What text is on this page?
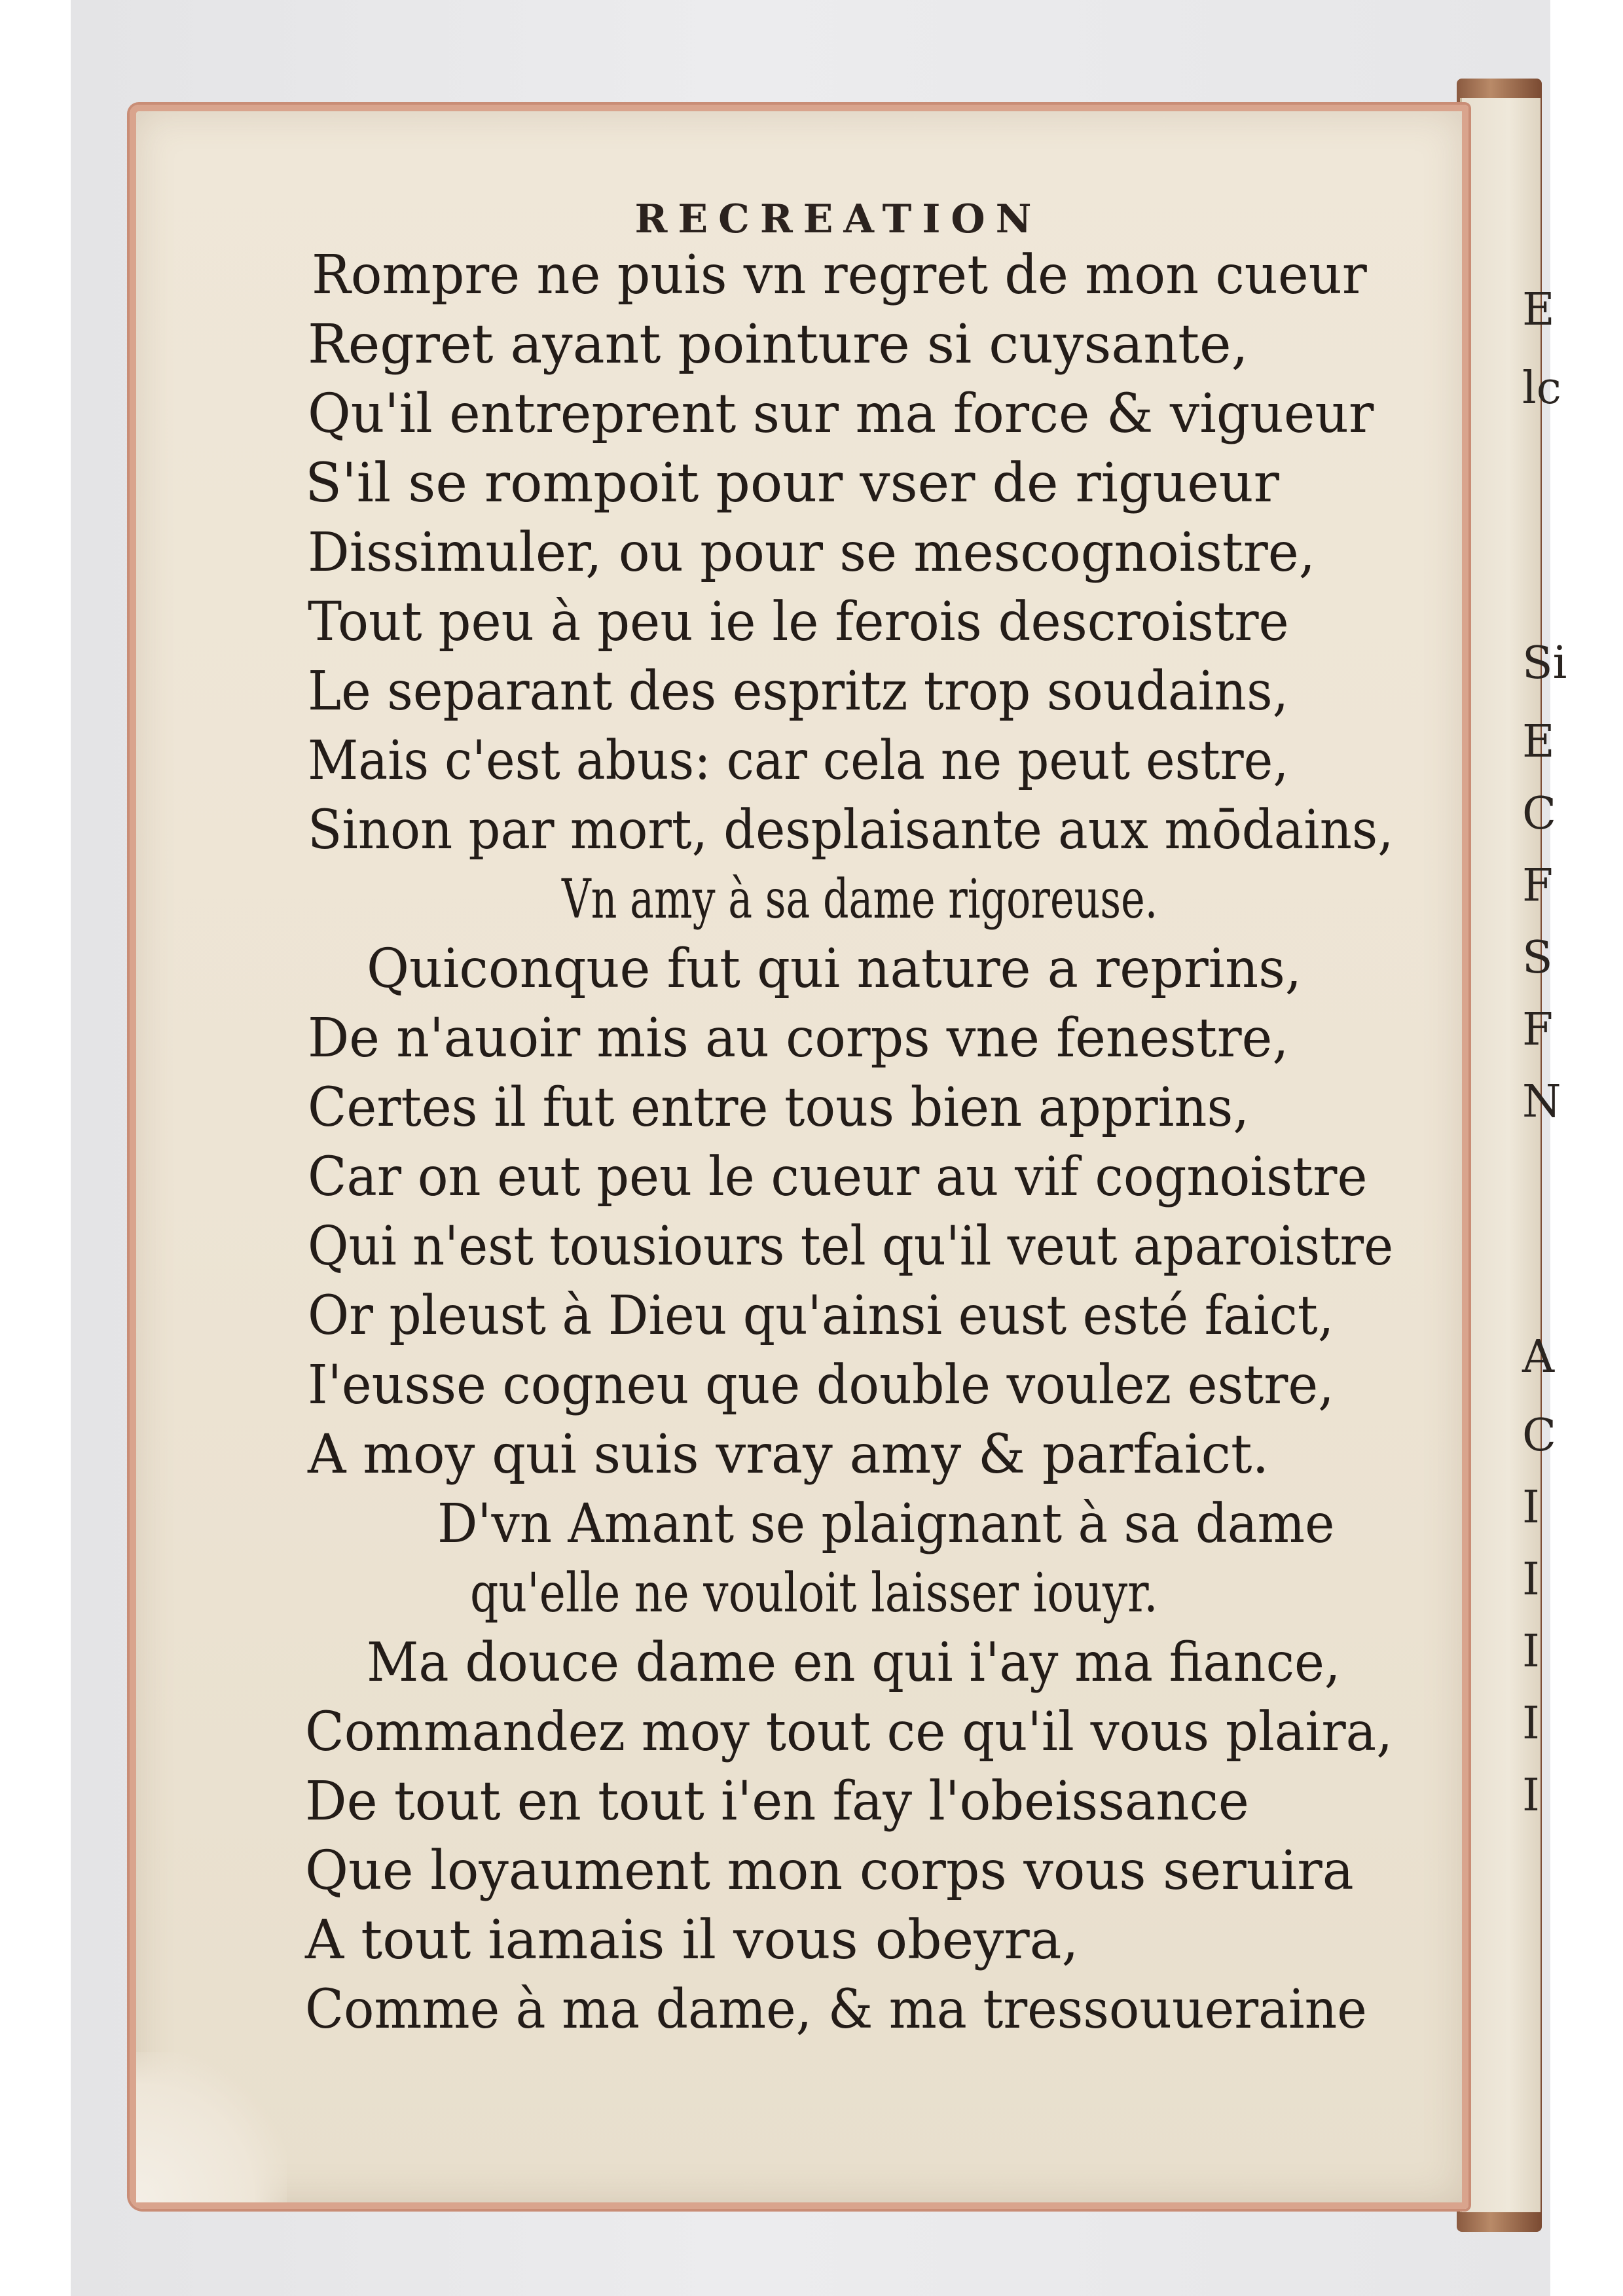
E
lc
Si
E
C
F
S
F
N
A
C
I
I
I
I
I
RECREATION
Rompre ne puis vn regret de mon cueur
Regret ayant pointure si cuysante,
Qu'il entreprent sur ma force & vigueur
S'il se rompoit pour vser de rigueur
Dissimuler, ou pour se mescognoistre,
Tout peu à peu ie le ferois descroistre
Le separant des espritz trop soudains,
Mais c'est abus: car cela ne peut estre,
Sinon par mort, desplaisante aux mōdains,
Vn amy à sa dame rigoreuse.
Quiconque fut qui nature a reprins,
De n'auoir mis au corps vne fenestre,
Certes il fut entre tous bien apprins,
Car on eut peu le cueur au vif cognoistre
Qui n'est tousiours tel qu'il veut aparoistre
Or pleust à Dieu qu'ainsi eust esté faict,
I'eusse cogneu que double voulez estre,
A moy qui suis vray amy & parfaict.
D'vn Amant se plaignant à sa dame
qu'elle ne vouloit laisser iouyr.
Ma douce dame en qui i'ay ma fiance,
Commandez moy tout ce qu'il vous plaira,
De tout en tout i'en fay l'obeissance
Que loyaument mon corps vous seruira
A tout iamais il vous obeyra,
Comme à ma dame, & ma tressouueraine
